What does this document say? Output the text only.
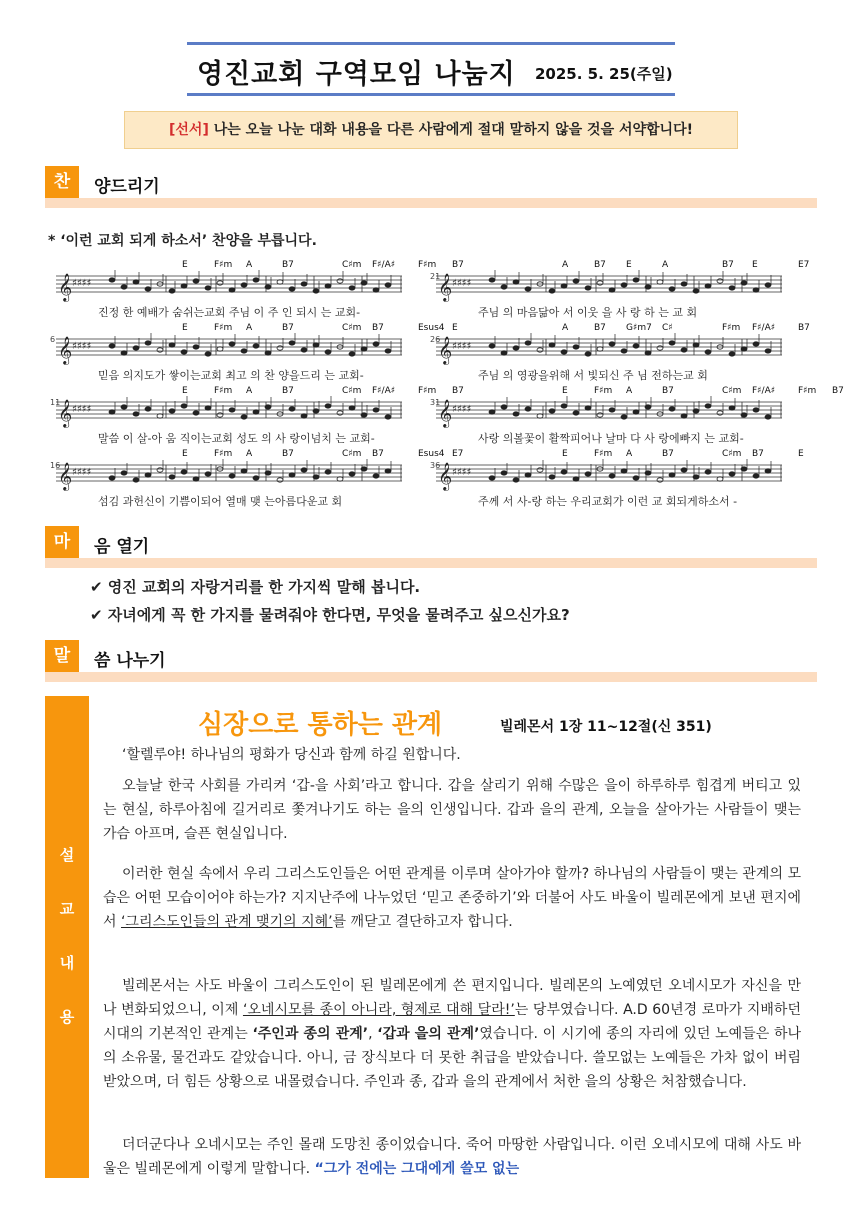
영진교회 구역모임 나눔지 2025. 5. 25(주일)
[선서] 나는 오늘 나눈 대화 내용을 다른 사람에게 절대 말하지 않을 것을 서약합니다!
찬	양드리기
* ‘이런 교회 되게 하소서’ 찬양을 부릅니다.
E	F♯m A	B7	C♯m F♯/A♯	F♯m B7
𝄞 ♯♯♯♯
진정 한 예배가 숨쉬는교회 주님 이 주 인 되시 는 교회-
6
E	F♯m A	B7	C♯m B7	Esus4 E
𝄞 ♯♯♯♯
믿음 의지도가 쌓이는교회 최고 의 찬 양을드리 는 교회-
11
E	F♯m A	B7	C♯m F♯/A♯	F♯m B7
𝄞 ♯♯♯♯
말씀 이 살-아 움 직이는교회 성도 의 사 랑이넘치 는 교회-
16
E	F♯m A	B7	C♯m B7	Esus4 E7
𝄞 ♯♯♯♯
섬김 과헌신이 기쁨이되어 열매 맺 는아름다운교 회
21
A	B7 E	A	B7 E	E7
𝄞 ♯♯♯♯
주님 의 마음닮아 서 이웃 을 사 랑 하 는 교 회
26
A	B7 G♯m7 C♯	F♯m F♯/A♯	B7
𝄞 ♯♯♯♯
주님 의 영광을위해 서 빛되신 주 님 전하는교 회
31
E	F♯m A	B7	C♯m F♯/A♯	F♯m B7
𝄞 ♯♯♯♯
사랑 의볼꽃이 활짝피어나 날마 다 사 랑에빠지 는 교회-
36
E	F♯m A	B7	C♯m B7	E
𝄞 ♯♯♯♯
주께 서 사-랑 하는 우리교회가 이런 교 회되게하소서 -
마	음 열기
✔ 영진 교회의 자랑거리를 한 가지씩 말해 봅니다.
✔ 자녀에게 꼭 한 가지를 물려줘야 한다면, 무엇을 물려주고 싶으신가요?
말	씀 나누기
설
교
내
용
심장으로 통하는 관계	빌레몬서 1장 11~12절(신 351)
‘할렐루야! 하나님의 평화가 당신과 함께 하길 원합니다.
오늘날 한국 사회를 가리켜 ‘갑-을 사회’라고 합니다. 갑을 살리기 위해 수많은 을이 하루하루 힘겹게 버티고 있는 현실, 하루아침에 길거리로 쫓겨나기도 하는 을의 인생입니다. 갑과 을의 관계, 오늘을 살아가는 사람들이 맺는 가슴 아프며, 슬픈 현실입니다.
이러한 현실 속에서 우리 그리스도인들은 어떤 관계를 이루며 살아가야 할까? 하나님의 사람들이 맺는 관계의 모습은 어떤 모습이어야 하는가? 지지난주에 나누었던 ‘믿고 존중하기’와 더불어 사도 바울이 빌레몬에게 보낸 편지에서 ‘그리스도인들의 관계 맺기의 지혜’를 깨닫고 결단하고자 합니다.
빌레몬서는 사도 바울이 그리스도인이 된 빌레몬에게 쓴 편지입니다. 빌레몬의 노예였던 오네시모가 자신을 만나 변화되었으니, 이제 ‘오네시모를 종이 아니라, 형제로 대해 달라!’는 당부였습니다. A.D 60년경 로마가 지배하던 시대의 기본적인 관계는 ‘주인과 종의 관계’, ‘갑과 을의 관계’였습니다. 이 시기에 종의 자리에 있던 노예들은 하나의 소유물, 물건과도 같았습니다. 아니, 금 장식보다 더 못한 취급을 받았습니다. 쓸모없는 노예들은 가차 없이 버림받았으며, 더 힘든 상황으로 내몰렸습니다. 주인과 종, 갑과 을의 관계에서 처한 을의 상황은 처참했습니다.
더더군다나 오네시모는 주인 몰래 도망친 종이었습니다. 죽어 마땅한 사람입니다. 이런 오네시모에 대해 사도 바울은 빌레몬에게 이렇게 말합니다. “그가 전에는 그대에게 쓸모 없는
